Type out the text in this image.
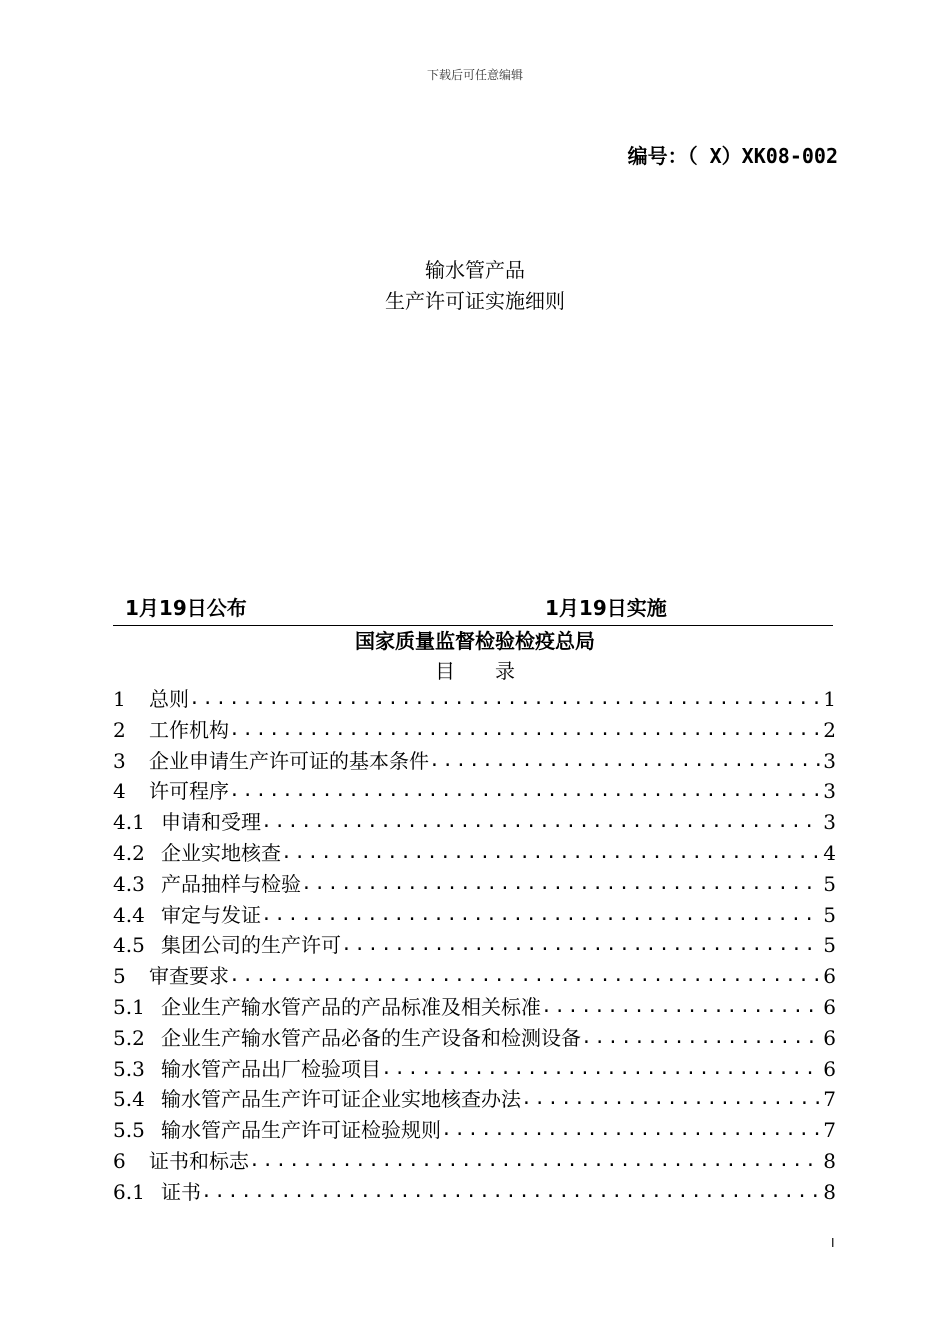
下载后可任意编辑
编号：（ X）XK08-002
输水管产品
生产许可证实施细则
1月19日公布	1月19日实施
国家质量监督检验检疫总局
目录
1	总则 .....	1
2	工作机构 .....	2
3	企业申请生产许可证的基本条件 .....	3
4	许可程序 .....	3
4.1 申请和受理 .....	3
4.2 企业实地核查 .....	4
4.3 产品抽样与检验 .....	5
4.4 审定与发证 .....	5
4.5 集团公司的生产许可 .....	5
5	审查要求 .....	6
5.1 企业生产输水管产品的产品标准及相关标准 .....	6
5.2 企业生产输水管产品必备的生产设备和检测设备 .....	6
5.3 输水管产品出厂检验项目 .....	6
5.4 输水管产品生产许可证企业实地核查办法 .....	7
5.5 输水管产品生产许可证检验规则 .....	7
6	证书和标志 .....	8
6.1 证书 .....	8
I
